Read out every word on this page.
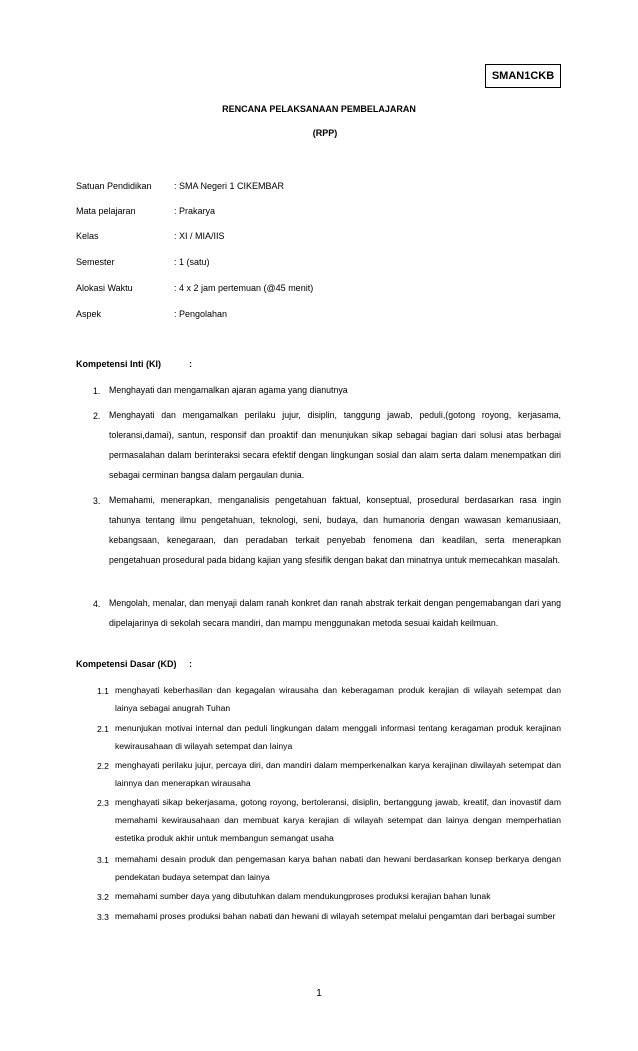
SMAN1CKB
RENCANA PELAKSANAAN PEMBELAJARAN
(RPP)
Satuan Pendidikan : SMA Negeri 1 CIKEMBAR
Mata pelajaran	: Prakarya
Kelas	: XI / MIA/IIS
Semester	: 1 (satu)
Alokasi Waktu	: 4 x 2 jam pertemuan (@45 menit)
Aspek	: Pengolahan
Kompetensi Inti (KI)	:
1. Menghayati dan mengamalkan ajaran agama yang dianutnya
2. Menghayati dan mengamalkan perilaku jujur, disiplin, tanggung jawab, peduli,(gotong royong, kerjasama, toleransi,damai), santun, responsif dan proaktif dan menunjukan sikap sebagai bagian dari solusi atas berbagai permasalahan dalam berinteraksi secara efektif dengan lingkungan sosial dan alam serta dalam menempatkan diri sebagai cerminan bangsa dalam pergaulan dunia.
3. Memahami, menerapkan, menganalisis pengetahuan faktual, konseptual, prosedural berdasarkan rasa ingin tahunya tentang ilmu pengetahuan, teknologi, seni, budaya, dan humanoria dengan wawasan kemanusiaan, kebangsaan, kenegaraan, dan peradaban terkait penyebab fenomena dan keadilan, serta menerapkan pengetahuan prosedural pada bidang kajian yang sfesifik dengan bakat dan minatnya untuk memecahkan masalah.
4. Mengolah, menalar, dan menyaji dalam ranah konkret dan ranah abstrak terkait dengan pengemabangan dari yang dipelajarinya di sekolah secara mandiri, dan mampu menggunakan metoda sesuai kaidah keilmuan.
Kompetensi Dasar (KD) :
1.1 menghayati keberhasilan dan kegagalan wirausaha dan keberagaman produk kerajian di wilayah setempat dan lainya sebagai anugrah Tuhan
2.1 menunjukan motivai internal dan peduli lingkungan dalam menggali informasi tentang keragaman produk kerajinan kewirausahaan di wilayah setempat dan lainya
2.2 menghayati perilaku jujur, percaya diri, dan mandiri dalam memperkenalkan karya kerajinan diwilayah setempat dan lainnya dan menerapkan wirausaha
2.3 menghayati sikap bekerjasama, gotong royong, bertoleransi, disiplin, bertanggung jawab, kreatif, dan inovastif dam memahami kewirausahaan dan membuat karya kerajian di wilayah setempat dan lainya dengan memperhatian estetika produk akhir untuk membangun semangat usaha
3.1 memahami desain produk dan pengemasan karya bahan nabati dan hewani berdasarkan konsep berkarya dengan pendekatan budaya setempat dan lainya
3.2 memahami sumber daya yang dibutuhkan dalam mendukungproses produksi kerajian bahan lunak
3.3 memahami proses produksi bahan nabati dan hewani di wilayah setempat melalui pengamtan dari berbagai sumber
1
